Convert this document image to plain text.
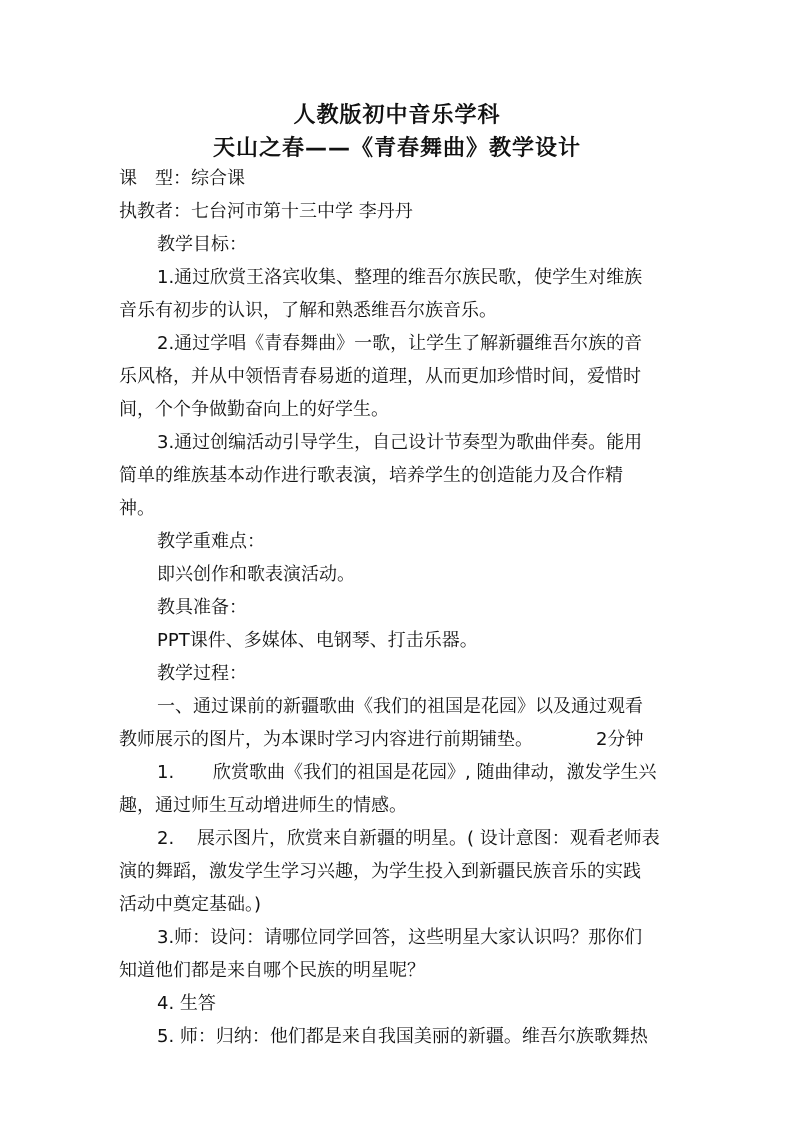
人教版初中音乐学科
天山之春——《青春舞曲》教学设计
课　型：综合课
执教者：七台河市第十三中学 李丹丹
教学目标：
1.通过欣赏王洛宾收集、整理的维吾尔族民歌，使学生对维族
音乐有初步的认识，了解和熟悉维吾尔族音乐。
2.通过学唱《青春舞曲》一歌，让学生了解新疆维吾尔族的音
乐风格，并从中领悟青春易逝的道理，从而更加珍惜时间，爱惜时
间，个个争做勤奋向上的好学生。
3.通过创编活动引导学生，自己设计节奏型为歌曲伴奏。能用
简单的维族基本动作进行歌表演，培养学生的创造能力及合作精
神。
教学重难点：
即兴创作和歌表演活动。
教具准备：
PPT课件、多媒体、电钢琴、打击乐器。
教学过程：
一、通过课前的新疆歌曲《我们的祖国是花园》以及通过观看
教师展示的图片，为本课时学习内容进行前期铺垫。	2分钟
1. 欣赏歌曲《我们的祖国是花园》, 随曲律动，激发学生兴
趣，通过师生互动增进师生的情感。
2. 展示图片，欣赏来自新疆的明星。( 设计意图：观看老师表
演的舞蹈，激发学生学习兴趣，为学生投入到新疆民族音乐的实践
活动中奠定基础。)
3.师：设问：请哪位同学回答，这些明星大家认识吗？那你们
知道他们都是来自哪个民族的明星呢？
4. 生答
5. 师：归纳：他们都是来自我国美丽的新疆。维吾尔族歌舞热
